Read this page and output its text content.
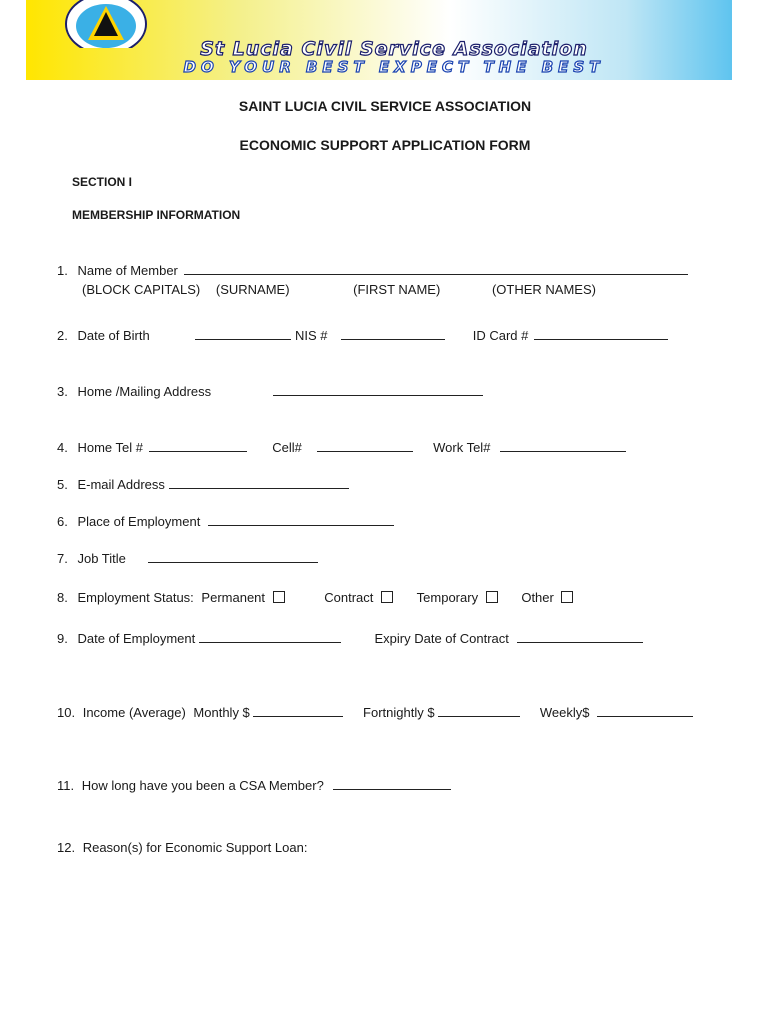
St Lucia Civil Service Association
DO YOUR BEST EXPECT THE BEST
SAINT LUCIA CIVIL SERVICE ASSOCIATION
ECONOMIC SUPPORT APPLICATION FORM
SECTION I
MEMBERSHIP INFORMATION
1. Name of Member
(BLOCK CAPITALS) (SURNAME)	(FIRST NAME)	(OTHER NAMES)
2. Date of Birth	NIS #	ID Card #
3. Home /Mailing Address
4. Home Tel #	Cell#	Work Tel#
5. E-mail Address
6. Place of Employment
7. Job Title
8. Employment Status: Permanent	Contract	Temporary	Other
9. Date of Employment	Expiry Date of Contract
10. Income (Average) Monthly $	Fortnightly $	Weekly$
11. How long have you been a CSA Member?
12. Reason(s) for Economic Support Loan:
